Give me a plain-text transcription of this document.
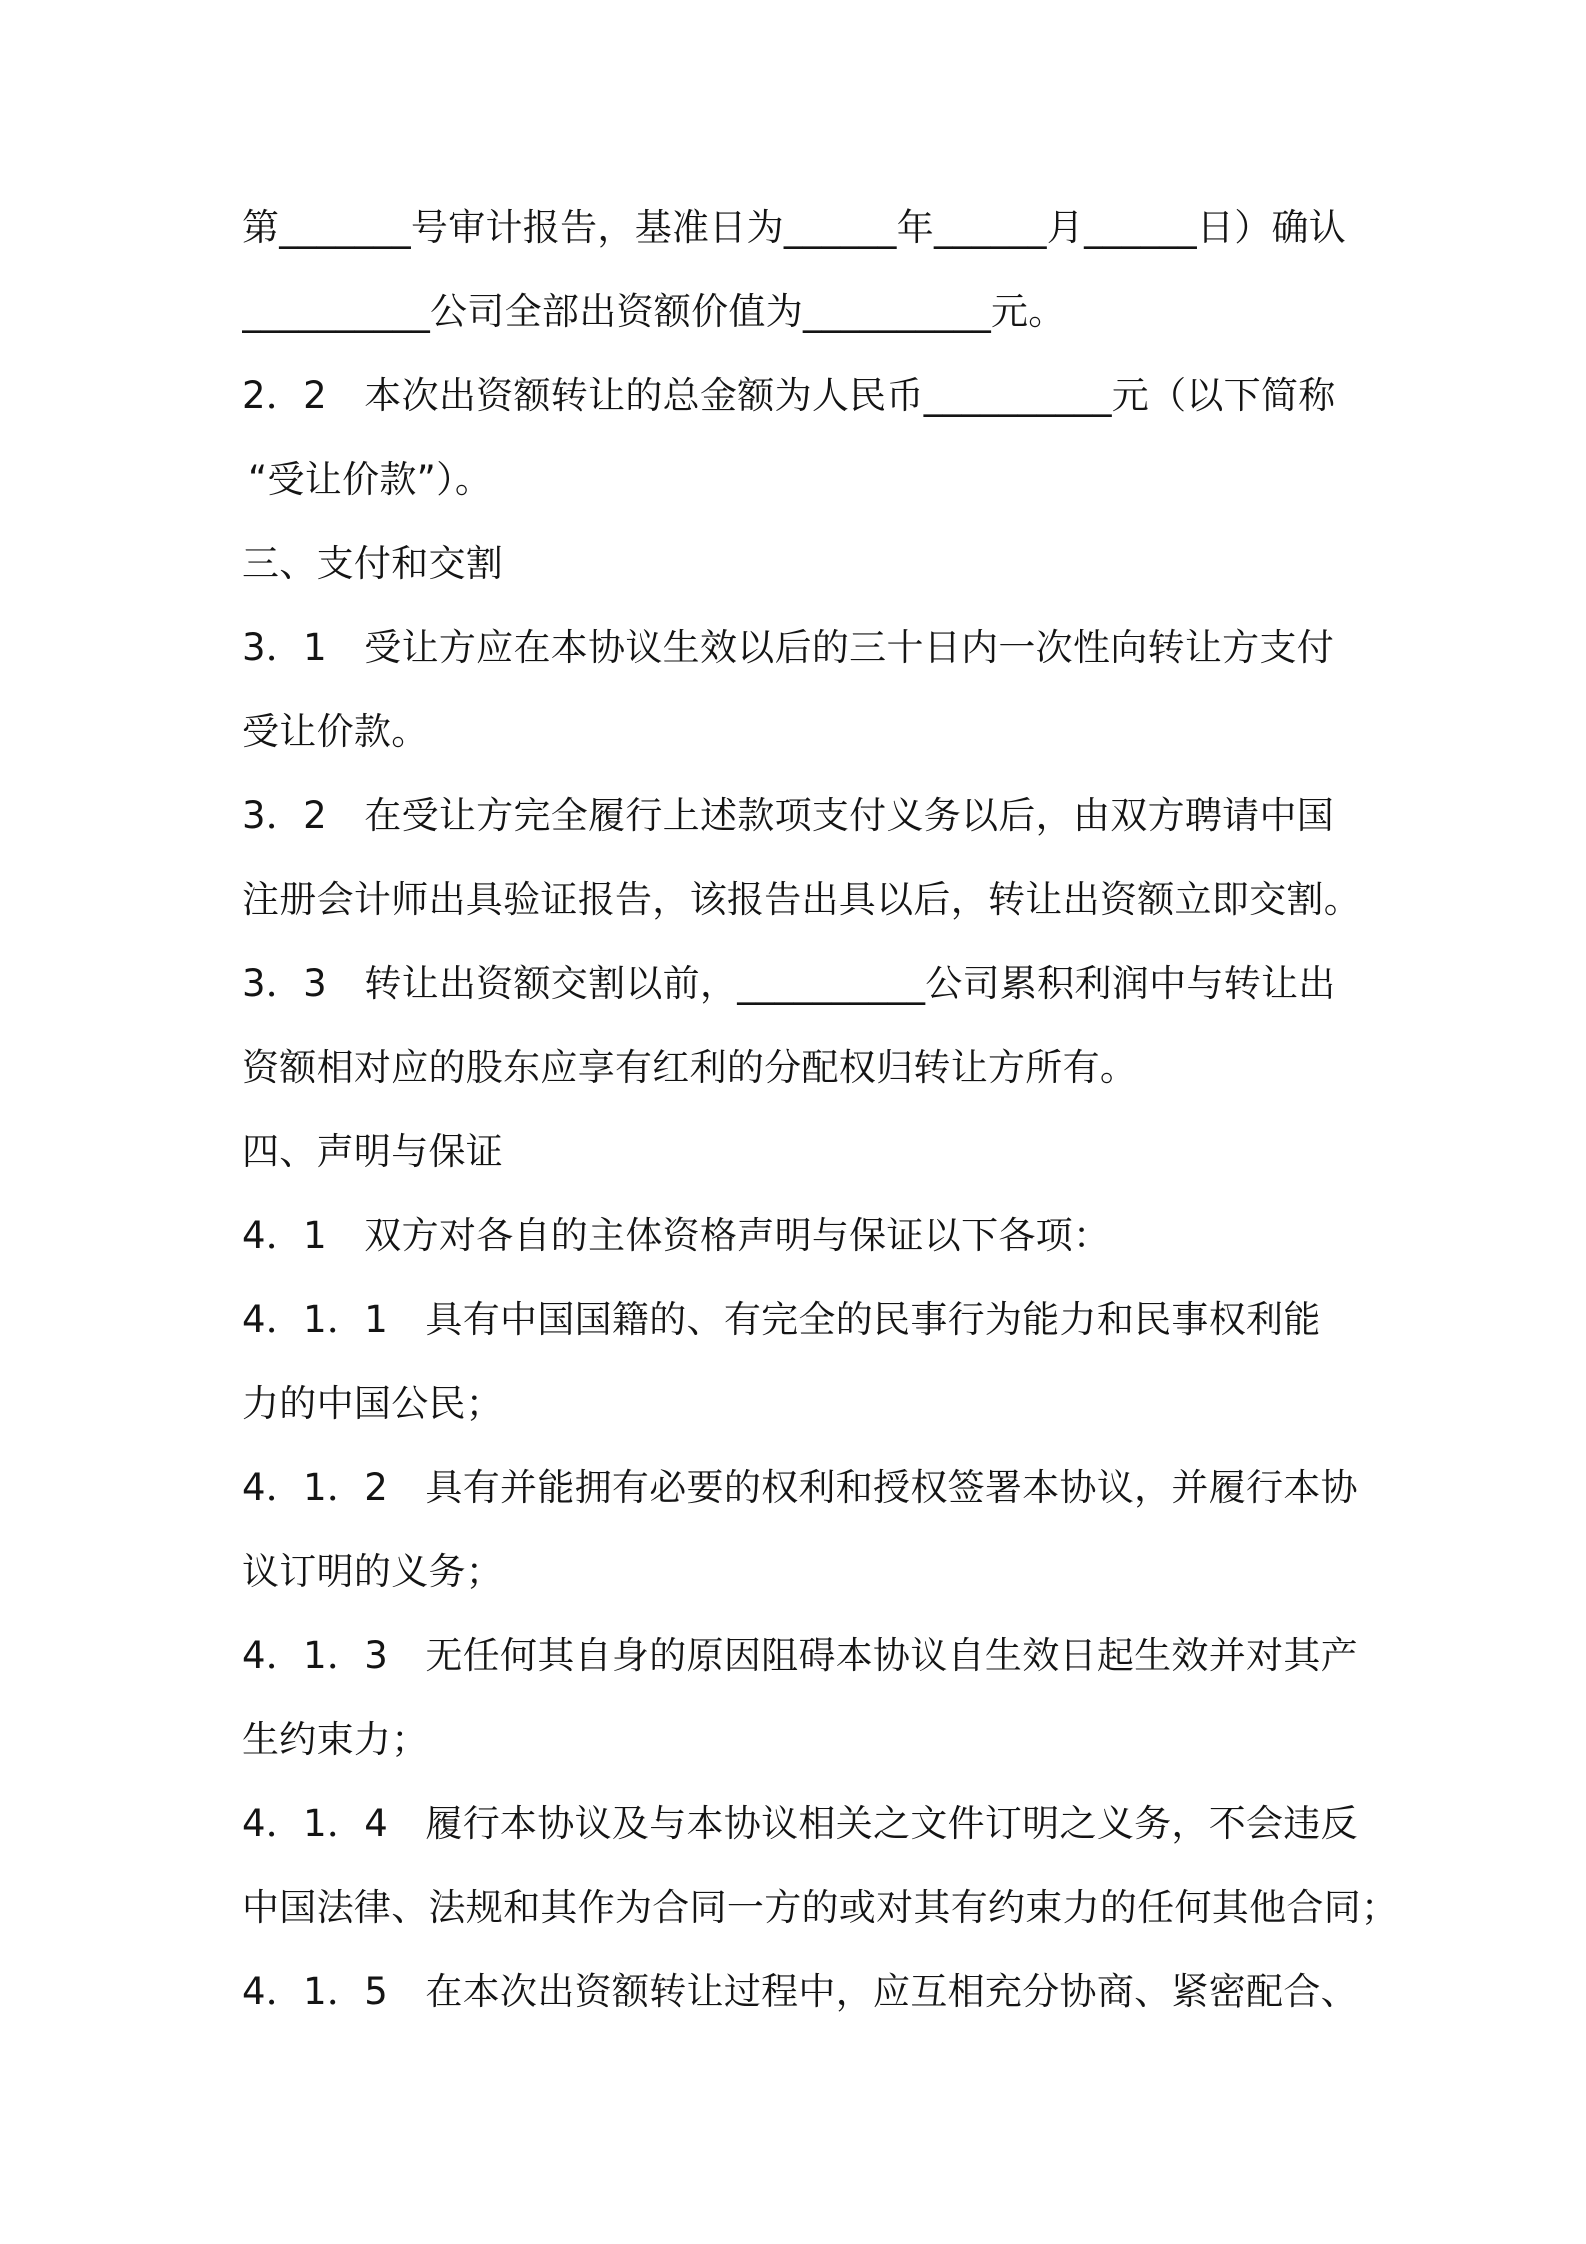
第_______号审计报告，基准日为______年______月______日）确认
__________公司全部出资额价值为__________元。
2．2　本次出资额转让的总金额为人民币__________元（以下简称
“受让价款”）。
三、支付和交割
3．1　受让方应在本协议生效以后的三十日内一次性向转让方支付
受让价款。
3．2　在受让方完全履行上述款项支付义务以后，由双方聘请中国
注册会计师出具验证报告，该报告出具以后，转让出资额立即交割。
3．3　转让出资额交割以前，__________公司累积利润中与转让出
资额相对应的股东应享有红利的分配权归转让方所有。
四、声明与保证
4．1　双方对各自的主体资格声明与保证以下各项：
4．1．1　具有中国国籍的、有完全的民事行为能力和民事权利能
力的中国公民；
4．1．2　具有并能拥有必要的权利和授权签署本协议，并履行本协
议订明的义务；
4．1．3　无任何其自身的原因阻碍本协议自生效日起生效并对其产
生约束力；
4．1．4　履行本协议及与本协议相关之文件订明之义务，不会违反
中国法律、法规和其作为合同一方的或对其有约束力的任何其他合同；
4．1．5　在本次出资额转让过程中，应互相充分协商、紧密配合、
